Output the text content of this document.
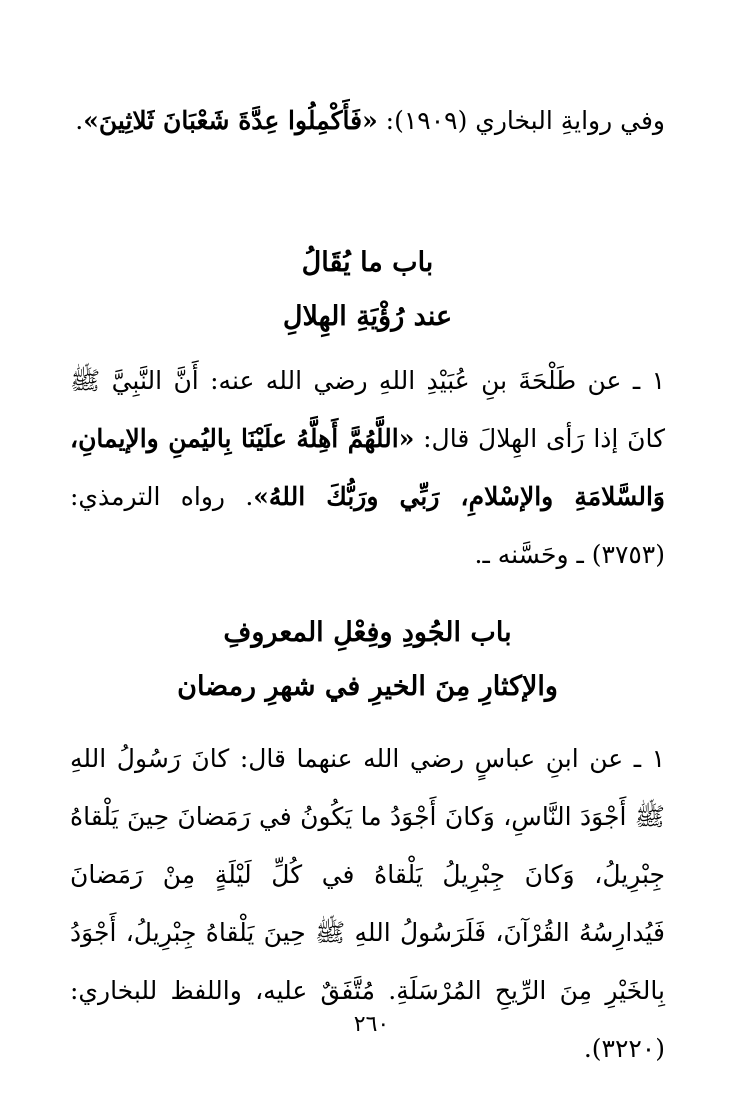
وفي روايةِ البخاري (١٩٠٩): «فَأَكْمِلُوا عِدَّةَ شَعْبَانَ ثَلاثِينَ».
باب ما يُقَالُ
عند رُؤْيَةِ الهِلالِ
١ ـ عن طَلْحَةَ بنِ عُبَيْدِ اللهِ رضي الله عنه: أَنَّ النَّبِيَّ ﷺ كانَ إذا رَأى الهِلالَ قال: «اللَّهُمَّ أَهِلَّهُ علَيْنَا بِاليُمنِ والإيمانِ، وَالسَّلامَةِ والإسْلامِ، رَبِّي ورَبُّكَ اللهُ». رواه الترمذي: (٣٧٥٣) ـ وحَسَّنه ـ.
باب الجُودِ وفِعْلِ المعروفِ
والإكثارِ مِنَ الخيرِ في شهرِ رمضان
١ ـ عن ابنِ عباسٍ رضي الله عنهما قال: كانَ رَسُولُ اللهِ ﷺ أَجْوَدَ النَّاسِ، وَكانَ أَجْوَدُ ما يَكُونُ في رَمَضانَ حِينَ يَلْقاهُ جِبْرِيلُ، وَكانَ جِبْرِيلُ يَلْقاهُ في كُلِّ لَيْلَةٍ مِنْ رَمَضانَ فَيُدارِسُهُ القُرْآنَ، فَلَرَسُولُ اللهِ ﷺ حِينَ يَلْقاهُ جِبْرِيلُ، أَجْوَدُ بِالخَيْرِ مِنَ الرِّيحِ المُرْسَلَةِ. مُتَّفَقٌ عليه، واللفظ للبخاري: (٣٢٢٠).
٢٦٠
